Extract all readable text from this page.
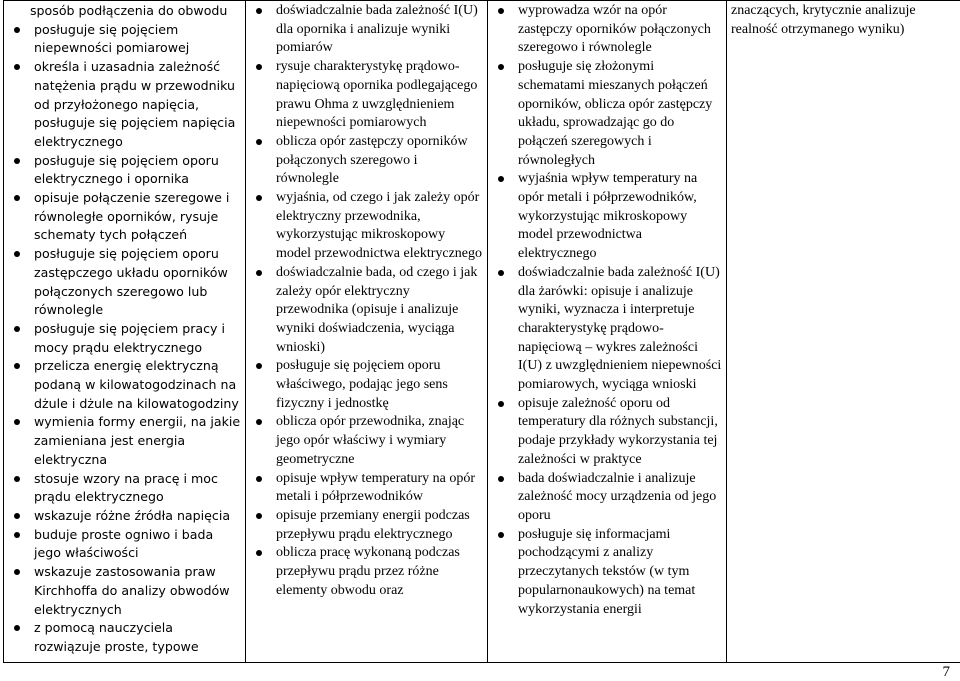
sposób podłączenia do obwodu
posługuje się pojęciem niepewności pomiarowej
określa i uzasadnia zależność natężenia prądu w przewodniku od przyłożonego napięcia, posługuje się pojęciem napięcia elektrycznego
posługuje się pojęciem oporu elektrycznego i opornika
opisuje połączenie szeregowe i równoległe oporników, rysuje schematy tych połączeń
posługuje się pojęciem oporu zastępczego układu oporników połączonych szeregowo lub równolegle
posługuje się pojęciem pracy i mocy prądu elektrycznego
przelicza energię elektryczną podaną w kilowatogodzinach na dżule i dżule na kilowatogodziny
wymienia formy energii, na jakie zamieniana jest energia elektryczna
stosuje wzory na pracę i moc prądu elektrycznego
wskazuje różne źródła napięcia
buduje proste ogniwo i bada jego właściwości
wskazuje zastosowania praw Kirchhoffa do analizy obwodów elektrycznych
z pomocą nauczyciela rozwiązuje proste, typowe

doświadczalnie bada zależność I(U) dla opornika i analizuje wyniki pomiarów
rysuje charakterystykę prądowo-napięciową opornika podlegającego prawu Ohma z uwzględnieniem niepewności pomiarowych
oblicza opór zastępczy oporników połączonych szeregowo i równolegle
wyjaśnia, od czego i jak zależy opór elektryczny przewodnika, wykorzystując mikroskopowy model przewodnictwa elektrycznego
doświadczalnie bada, od czego i jak zależy opór elektryczny przewodnika (opisuje i analizuje wyniki doświadczenia, wyciąga wnioski)
posługuje się pojęciem oporu właściwego, podając jego sens fizyczny i jednostkę
oblicza opór przewodnika, znając jego opór właściwy i wymiary geometryczne
opisuje wpływ temperatury na opór metali i półprzewodników
opisuje przemiany energii podczas przepływu prądu elektrycznego
oblicza pracę wykonaną podczas przepływu prądu przez różne elementy obwodu oraz

wyprowadza wzór na opór zastępczy oporników połączonych szeregowo i równolegle
posługuje się złożonymi schematami mieszanych połączeń oporników, oblicza opór zastępczy układu, sprowadzając go do połączeń szeregowych i równoległych
wyjaśnia wpływ temperatury na opór metali i półprzewodników, wykorzystując mikroskopowy model przewodnictwa elektrycznego
doświadczalnie bada zależność I(U) dla żarówki: opisuje i analizuje wyniki, wyznacza i interpretuje charakterystykę prądowo-napięciową – wykres zależności I(U) z uwzględnieniem niepewności pomiarowych, wyciąga wnioski
opisuje zależność oporu od temperatury dla różnych substancji, podaje przykłady wykorzystania tej zależności w praktyce
bada doświadczalnie i analizuje zależność mocy urządzenia od jego oporu
posługuje się informacjami pochodzącymi z analizy przeczytanych tekstów (w tym popularnonaukowych) na temat wykorzystania energii

znaczących, krytycznie analizuje realność otrzymanego wyniku)
7
